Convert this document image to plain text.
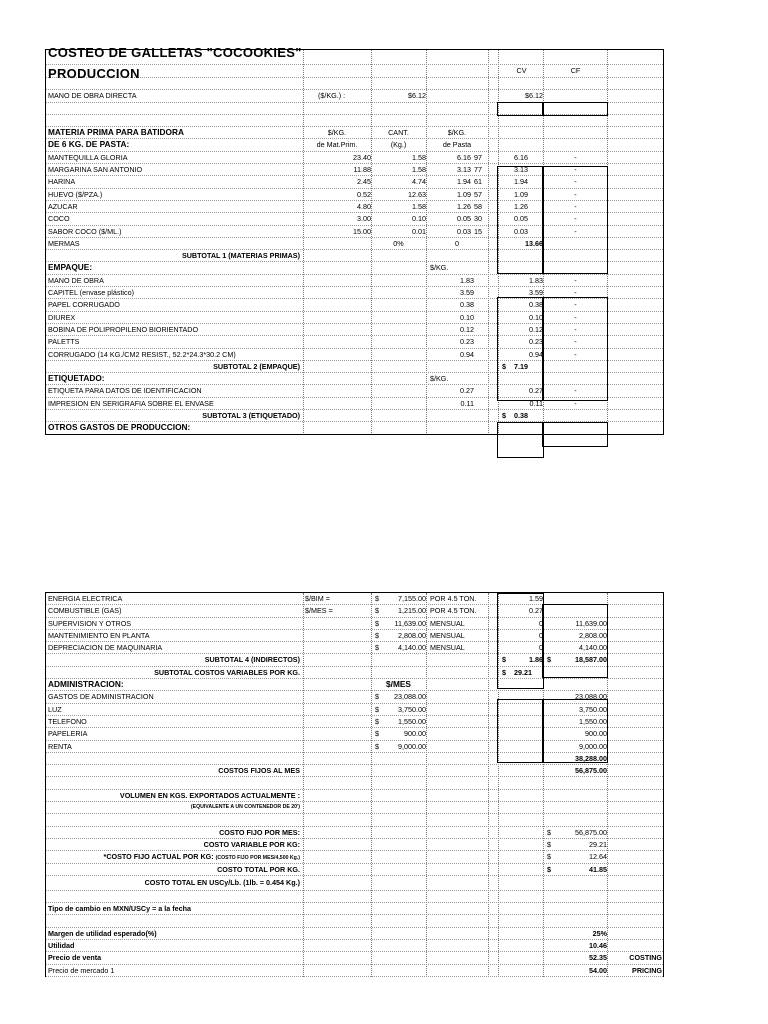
COSTEO DE GALLETAS "COCOOKIES"
PRODUCCION	CV	CF
MANO DE OBRA DIRECTA	($/KG.) :	$6.12	$6.12
MATERIA PRIMA PARA BATIDORA	$/KG.	CANT.	$/KG.
DE 6 KG. DE PASTA:	de Mat.Prim.	(Kg.)	de Pasta
MANTEQUILLA GLORIA	23.40	1.58	6.16 97	6.16	-
MARGARINA SAN ANTONIO	11.88	1.58	3.13 77	3.13	-
HARINA	2.45	4.74	1.94 61	1.94	-
HUEVO ($/PZA.)	0.52	12.63	1.09 57	1.09	-
AZUCAR	4.80	1.58	1.26 58	1.26	-
COCO	3.00	0.10	0.05 30	0.05	-
SABOR COCO ($/ML.)	15.00	0.01	0.03 15	0.03	-
MERMAS	0%	0	13.66
SUBTOTAL 1 (MATERIAS PRIMAS)
EMPAQUE:	$/KG.
MANO DE OBRA	1.83	1.83	-
CAPITEL (envase plástico)	3.59	3.59	-
PAPEL CORRUGADO	0.38	0.38	-
DIUREX	0.10	0.10	-
BOBINA DE POLIPROPILENO BIORIENTADO	0.12	0.12	-
PALETTS	0.23	0.23	-
CORRUGADO (14 KG./CM2 RESIST., 52.2*24.3*30.2 CM)	0.94	0.94	-
SUBTOTAL 2 (EMPAQUE)	$	7.19
ETIQUETADO:	$/KG.
ETIQUETA PARA DATOS DE IDENTIFICACION	0.27	0.27	-
IMPRESION EN SERIGRAFIA SOBRE EL ENVASE	0.11	0.11	-
SUBTOTAL 3 (ETIQUETADO)	$	0.38
OTROS GASTOS DE PRODUCCION:
ENERGIA ELECTRICA	$/BIM =	$	7,155.00 POR 4.5 TON.	1.59
COMBUSTIBLE (GAS)	$/MES =	$	1,215.00 POR 4.5 TON.	0.27
SUPERVISION Y OTROS	$	11,639.00 MENSUAL	0	11,639.00
MANTENIMIENTO EN PLANTA	$	2,808.00 MENSUAL	0	2,808.00
DEPRECIACION DE MAQUINARIA	$	4,140.00 MENSUAL	0	4,140.00
SUBTOTAL 4 (INDIRECTOS)	$	1.86 $	18,587.00
SUBTOTAL COSTOS VARIABLES POR KG.	$	29.21
ADMINISTRACION:	$/MES
GASTOS DE ADMINISTRACION	$	23,088.00	23,088.00
LUZ	$	3,750.00	3,750.00
TELEFONO	$	1,550.00	1,550.00
PAPELERIA	$	900.00	900.00
RENTA	$	9,000.00	9,000.00
38,288.00
COSTOS FIJOS AL MES	56,875.00
VOLUMEN EN KGS. EXPORTADOS ACTUALMENTE :
(EQUIVALENTE A UN CONTENEDOR DE 20')
COSTO FIJO POR MES:	$	56,875.00
COSTO VARIABLE POR KG:	$	29.21
*COSTO FIJO ACTUAL POR KG: (COSTO FIJO POR MES/4,500 Kg.)	$	12.64
COSTO TOTAL POR KG.	$	41.85
COSTO TOTAL EN USCy/Lb. (1lb. = 0.454 Kg.)
Tipo de cambio en MXN/USCy = a la fecha
Margen de utilidad esperado(%)	25%
Utilidad	10.46
Precio de venta	52.35	COSTING
Precio de mercado 1	54.00	PRICING
